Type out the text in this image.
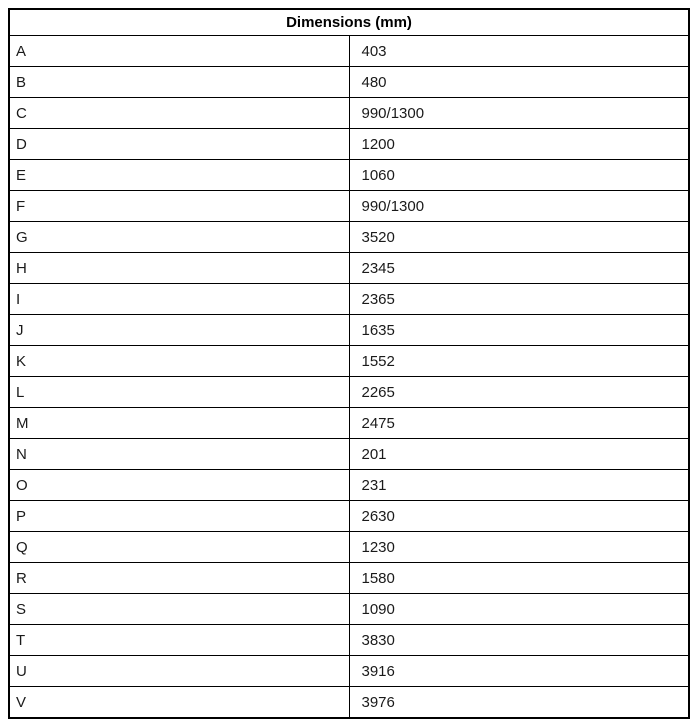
Dimensions (mm)	
A	403
B	480
C	990/1300
D	1200
E	1060
F	990/1300
G	3520
H	2345
I	2365
J	1635
K	1552
L	2265
M	2475
N	201
O	231
P	2630
Q	1230
R	1580
S	1090
T	3830
U	3916
V	3976
